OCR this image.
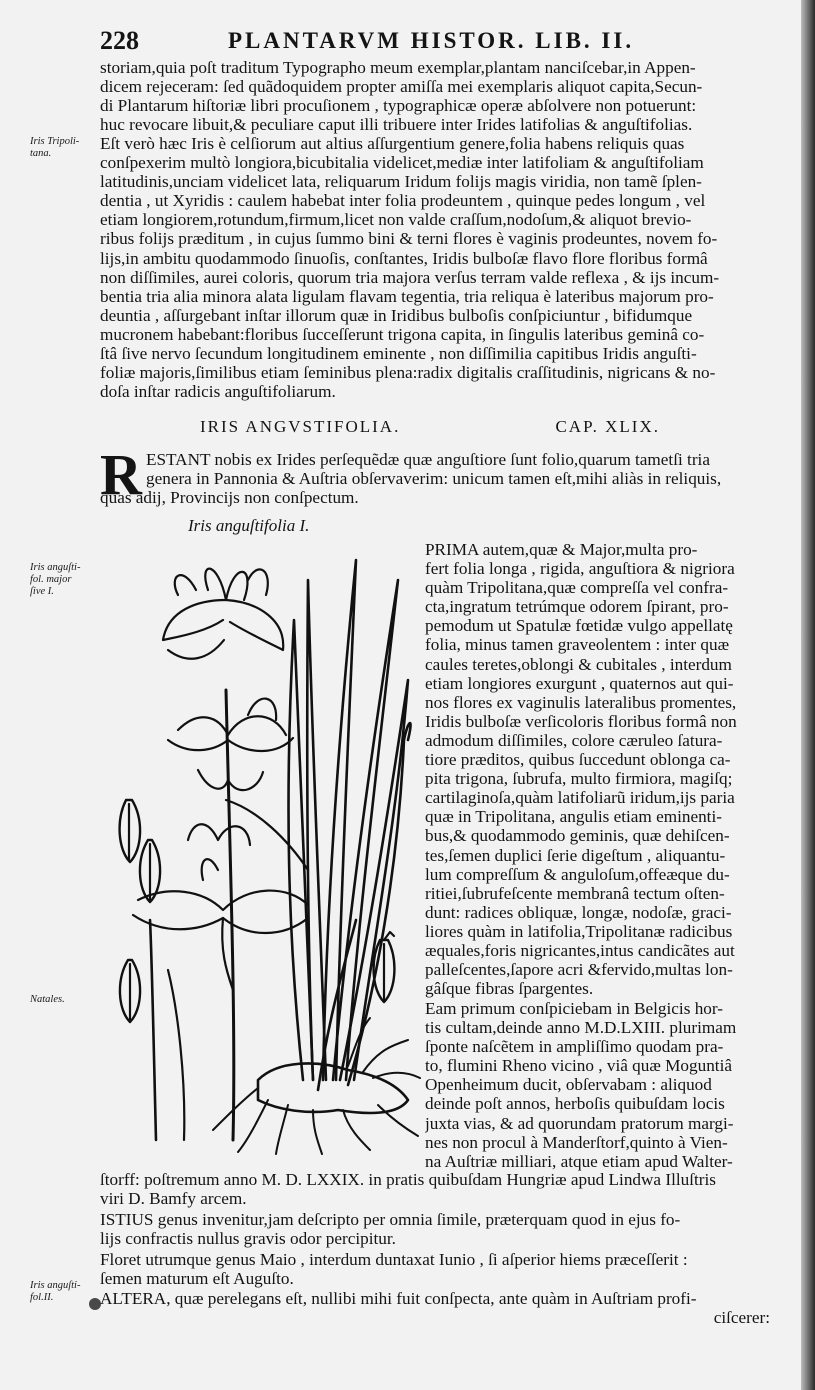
228	PLANTARVM HISTOR. LIB. II.
storiam,quia poſt traditum Typographo meum exemplar,plantam nanciſcebar,in Appen-
dicem rejeceram: ſed quãdoquidem propter amiſſa mei exemplaris aliquot capita,Secun-
di Plantarum hiſtoriæ libri procuſionem , typographicæ operæ abſolvere non potuerunt:
huc revocare libuit,& peculiare caput illi tribuere inter Irides latifolias & anguſtifolias.
Iris Tripoli-
tana.
Eſt verò hæc Iris è celſiorum aut altius aſſurgentium genere,folia habens reliquis quas
conſpexerim multò longiora,bicubitalia videlicet,mediæ inter latifoliam & anguſtifoliam
latitudinis,unciam videlicet lata, reliquarum Iridum folijs magis viridia, non tamẽ ſplen-
dentia , ut Xyridis : caulem habebat inter folia prodeuntem , quinque pedes longum , vel
etiam longiorem,rotundum,firmum,licet non valde craſſum,nodoſum,& aliquot brevio-
ribus folijs præditum , in cujus ſummo bini & terni flores è vaginis prodeuntes, novem fo-
lijs,in ambitu quodammodo ſinuoſis, conſtantes, Iridis bulboſæ flavo flore floribus formâ
non diſſimiles, aurei coloris, quorum tria majora verſus terram valde reflexa , & ijs incum-
bentia tria alia minora alata ligulam flavam tegentia, tria reliqua è lateribus majorum pro-
deuntia , aſſurgebant inſtar illorum quæ in Iridibus bulboſis conſpiciuntur , bifidumque
mucronem habebant:floribus ſucceſſerunt trigona capita, in ſingulis lateribus geminâ co-
ſtâ ſive nervo ſecundum longitudinem eminente , non diſſimilia capitibus Iridis anguſti-
foliæ majoris,ſimilibus etiam ſeminibus plena:radix digitalis craſſitudinis, nigricans & no-
doſa inſtar radicis anguſtifoliarum.
IRIS ANGVSTIFOLIA.	CAP. XLIX.
R ESTANT nobis ex Irides perſequẽdæ quæ anguſtiore ſunt folio,quarum tametſi tria
genera in Pannonia & Auſtria obſervaverim: unicum tamen eſt,mihi aliàs in reliquis,
quas adij, Provincijs non conſpectum.
Iris anguſtifolia I.
Iris anguſti-
fol. major
ſive I.
PRIMA autem,quæ & Major,multa pro-
fert folia longa , rigida, anguſtiora & nigriora
quàm Tripolitana,quæ compreſſa vel confra-
cta,ingratum tetrúmque odorem ſpirant, pro-
pemodum ut Spatulæ fœtidæ vulgo appellatę
folia, minus tamen graveolentem : inter quæ
caules teretes,oblongi & cubitales , interdum
etiam longiores exurgunt , quaternos aut qui-
nos flores ex vaginulis lateralibus promentes,
Iridis bulboſæ verſicoloris floribus formâ non
admodum diſſimiles, colore cæruleo ſatura-
tiore præditos, quibus ſuccedunt oblonga ca-
pita trigona, ſubrufa, multo firmiora, magiſq;
cartilaginoſa,quàm latifoliarũ iridum,ijs paria
quæ in Tripolitana, angulis etiam eminenti-
bus,& quodammodo geminis, quæ dehiſcen-
tes,ſemen duplici ſerie digeſtum , aliquantu-
lum compreſſum & anguloſum,offeæque du-
ritiei,ſubrufeſcente membranâ tectum oſten-
dunt: radices obliquæ, longæ, nodoſæ, graci-
liores quàm in latifolia,Tripolitanæ radicibus
æquales,foris nigricantes,intus candicãtes aut
palleſcentes,ſapore acri &fervido,multas lon-
gâſque fibras ſpargentes.
Natales.	Eam primum conſpiciebam in Belgicis hor-
tis cultam,deinde anno M.D.LXIII. plurimam
ſponte naſcẽtem in ampliſſimo quodam pra-
to, flumini Rheno vicino , viâ quæ Moguntiâ
Openheimum ducit, obſervabam : aliquod
deinde poſt annos, herboſis quibuſdam locis
juxta vias, & ad quorundam pratorum margi-
nes non procul à Manderſtorf,quinto à Vien-
na Auſtriæ milliari, atque etiam apud Walter-
ſtorff: poſtremum anno M. D. LXXIX. in pratis quibuſdam Hungriæ apud Lindwa Illuſtris
viri D. Bamfy arcem.
ISTIUS genus invenitur,jam deſcripto per omnia ſimile, præterquam quod in ejus fo-
lijs confractis nullus gravis odor percipitur.
Floret utrumque genus Maio , interdum duntaxat Iunio , ſi aſperior hiems præceſſerit :
ſemen maturum eſt Auguſto.
Iris anguſti-
fol.II.	ALTERA, quæ perelegans eſt, nullibi mihi fuit conſpecta, ante quàm in Auſtriam profi-
ciſcerer:
